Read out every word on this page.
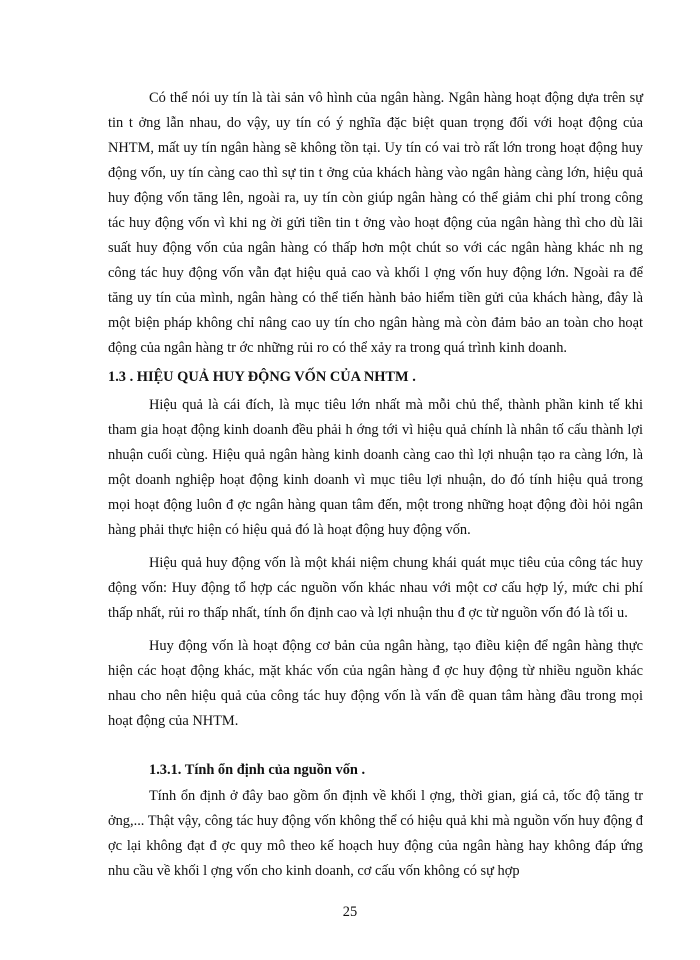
Có thể nói uy tín là tài sản vô hình của ngân hàng. Ngân hàng hoạt động dựa trên sự tin t ởng lẫn nhau, do vậy, uy tín có ý nghĩa đặc biệt quan trọng đối với hoạt động của NHTM, mất uy tín ngân hàng sẽ không tồn tại. Uy tín có vai trò rất lớn trong hoạt động huy động vốn, uy tín càng cao thì sự tin t ởng của khách hàng vào ngân hàng càng lớn, hiệu quả huy động vốn tăng lên, ngoài ra, uy tín còn giúp ngân hàng có thể giảm chi phí trong công tác huy động vốn vì khi ng ời gửi tiền tin t ởng vào hoạt động của ngân hàng thì cho dù lãi suất huy động vốn của ngân hàng có thấp hơn một chút so với các ngân hàng khác nh ng công tác huy động vốn vẫn đạt hiệu quả cao và khối l ợng vốn huy động lớn. Ngoài ra để tăng uy tín của mình, ngân hàng có thể tiến hành bảo hiểm tiền gửi của khách hàng, đây là một biện pháp không chỉ nâng cao uy tín cho ngân hàng mà còn đảm bảo an toàn cho hoạt động của ngân hàng tr ớc những rủi ro có thể xảy ra trong quá trình kinh doanh.

1.3 . HIỆU QUẢ HUY ĐỘNG VỐN CỦA NHTM .

Hiệu quả là cái đích, là mục tiêu lớn nhất mà mỗi chủ thể, thành phần kinh tế khi tham gia hoạt động kinh doanh đều phải h ớng tới vì hiệu quả chính là nhân tố cấu thành lợi nhuận cuối cùng. Hiệu quả ngân hàng kinh doanh càng cao thì lợi nhuận tạo ra càng lớn, là một doanh nghiệp hoạt động kinh doanh vì mục tiêu lợi nhuận, do đó tính hiệu quả trong mọi hoạt động luôn đ ợc ngân hàng quan tâm đến, một trong những hoạt động đòi hỏi ngân hàng phải thực hiện có hiệu quả đó là hoạt động huy động vốn.

Hiệu quả huy động vốn là một khái niệm chung khái quát mục tiêu của công tác huy động vốn: Huy động tổ hợp các nguồn vốn khác nhau với một cơ cấu hợp lý, mức chi phí thấp nhất, rủi ro thấp nhất, tính ổn định cao và lợi nhuận thu đ ợc từ nguồn vốn đó là tối u.

Huy động vốn là hoạt động cơ bản của ngân hàng, tạo điều kiện để ngân hàng thực hiện các hoạt động khác, mặt khác vốn của ngân hàng đ ợc huy động từ nhiều nguồn khác nhau cho nên hiệu quả của công tác huy động vốn là vấn đề quan tâm hàng đầu trong mọi hoạt động của NHTM.

1.3.1. Tính ổn định của nguồn vốn .

Tính ổn định ở đây bao gồm ổn định về khối l ợng, thời gian, giá cả, tốc độ tăng tr ởng,... Thật vậy, công tác huy động vốn không thể có hiệu quả khi mà nguồn vốn huy động đ ợc lại không đạt đ ợc quy mô theo kế hoạch huy động của ngân hàng hay không đáp ứng nhu cầu về khối l ợng vốn cho kinh doanh, cơ cấu vốn không có sự hợp

25
